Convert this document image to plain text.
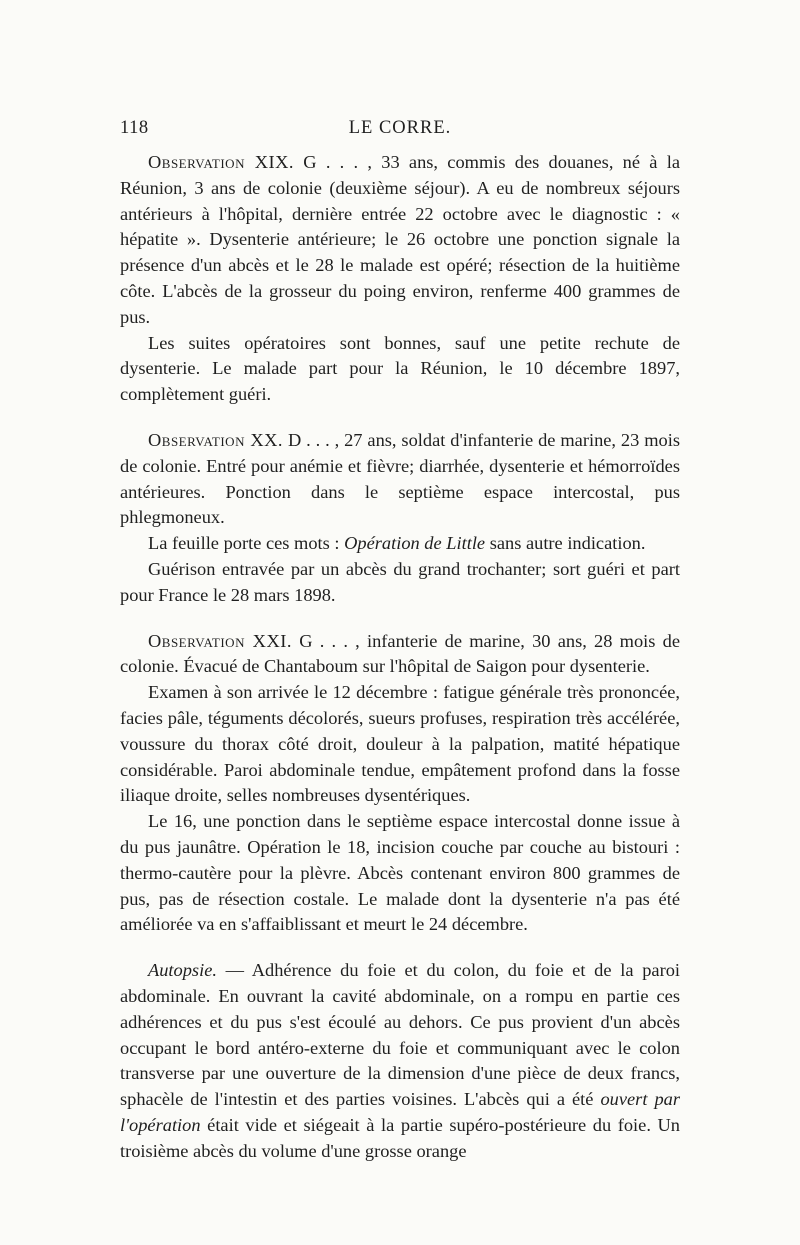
118	LE CORRE.

Observation XIX. G . . . , 33 ans, commis des douanes, né à la Réunion, 3 ans de colonie (deuxième séjour). A eu de nombreux séjours antérieurs à l'hôpital, dernière entrée 22 octobre avec le diagnostic : « hépatite ». Dysenterie antérieure; le 26 octobre une ponction signale la présence d'un abcès et le 28 le malade est opéré; résection de la huitième côte. L'abcès de la grosseur du poing environ, renferme 400 grammes de pus.

Les suites opératoires sont bonnes, sauf une petite rechute de dysenterie. Le malade part pour la Réunion, le 10 décembre 1897, complètement guéri.

Observation XX. D . . . , 27 ans, soldat d'infanterie de marine, 23 mois de colonie. Entré pour anémie et fièvre; diarrhée, dysenterie et hémorroïdes antérieures. Ponction dans le septième espace intercostal, pus phlegmoneux.

La feuille porte ces mots : Opération de Little sans autre indication.

Guérison entravée par un abcès du grand trochanter; sort guéri et part pour France le 28 mars 1898.

Observation XXI. G . . . , infanterie de marine, 30 ans, 28 mois de colonie. Évacué de Chantaboum sur l'hôpital de Saigon pour dysenterie.

Examen à son arrivée le 12 décembre : fatigue générale très prononcée, facies pâle, téguments décolorés, sueurs profuses, respiration très accélérée, voussure du thorax côté droit, douleur à la palpation, matité hépatique considérable. Paroi abdominale tendue, empâtement profond dans la fosse iliaque droite, selles nombreuses dysentériques.

Le 16, une ponction dans le septième espace intercostal donne issue à du pus jaunâtre. Opération le 18, incision couche par couche au bistouri : thermo-cautère pour la plèvre. Abcès contenant environ 800 grammes de pus, pas de résection costale. Le malade dont la dysenterie n'a pas été améliorée va en s'affaiblissant et meurt le 24 décembre.

Autopsie. — Adhérence du foie et du colon, du foie et de la paroi abdominale. En ouvrant la cavité abdominale, on a rompu en partie ces adhérences et du pus s'est écoulé au dehors. Ce pus provient d'un abcès occupant le bord antéro-externe du foie et communiquant avec le colon transverse par une ouverture de la dimension d'une pièce de deux francs, sphacèle de l'intestin et des parties voisines. L'abcès qui a été ouvert par l'opération était vide et siégeait à la partie supéro-postérieure du foie. Un troisième abcès du volume d'une grosse orange
